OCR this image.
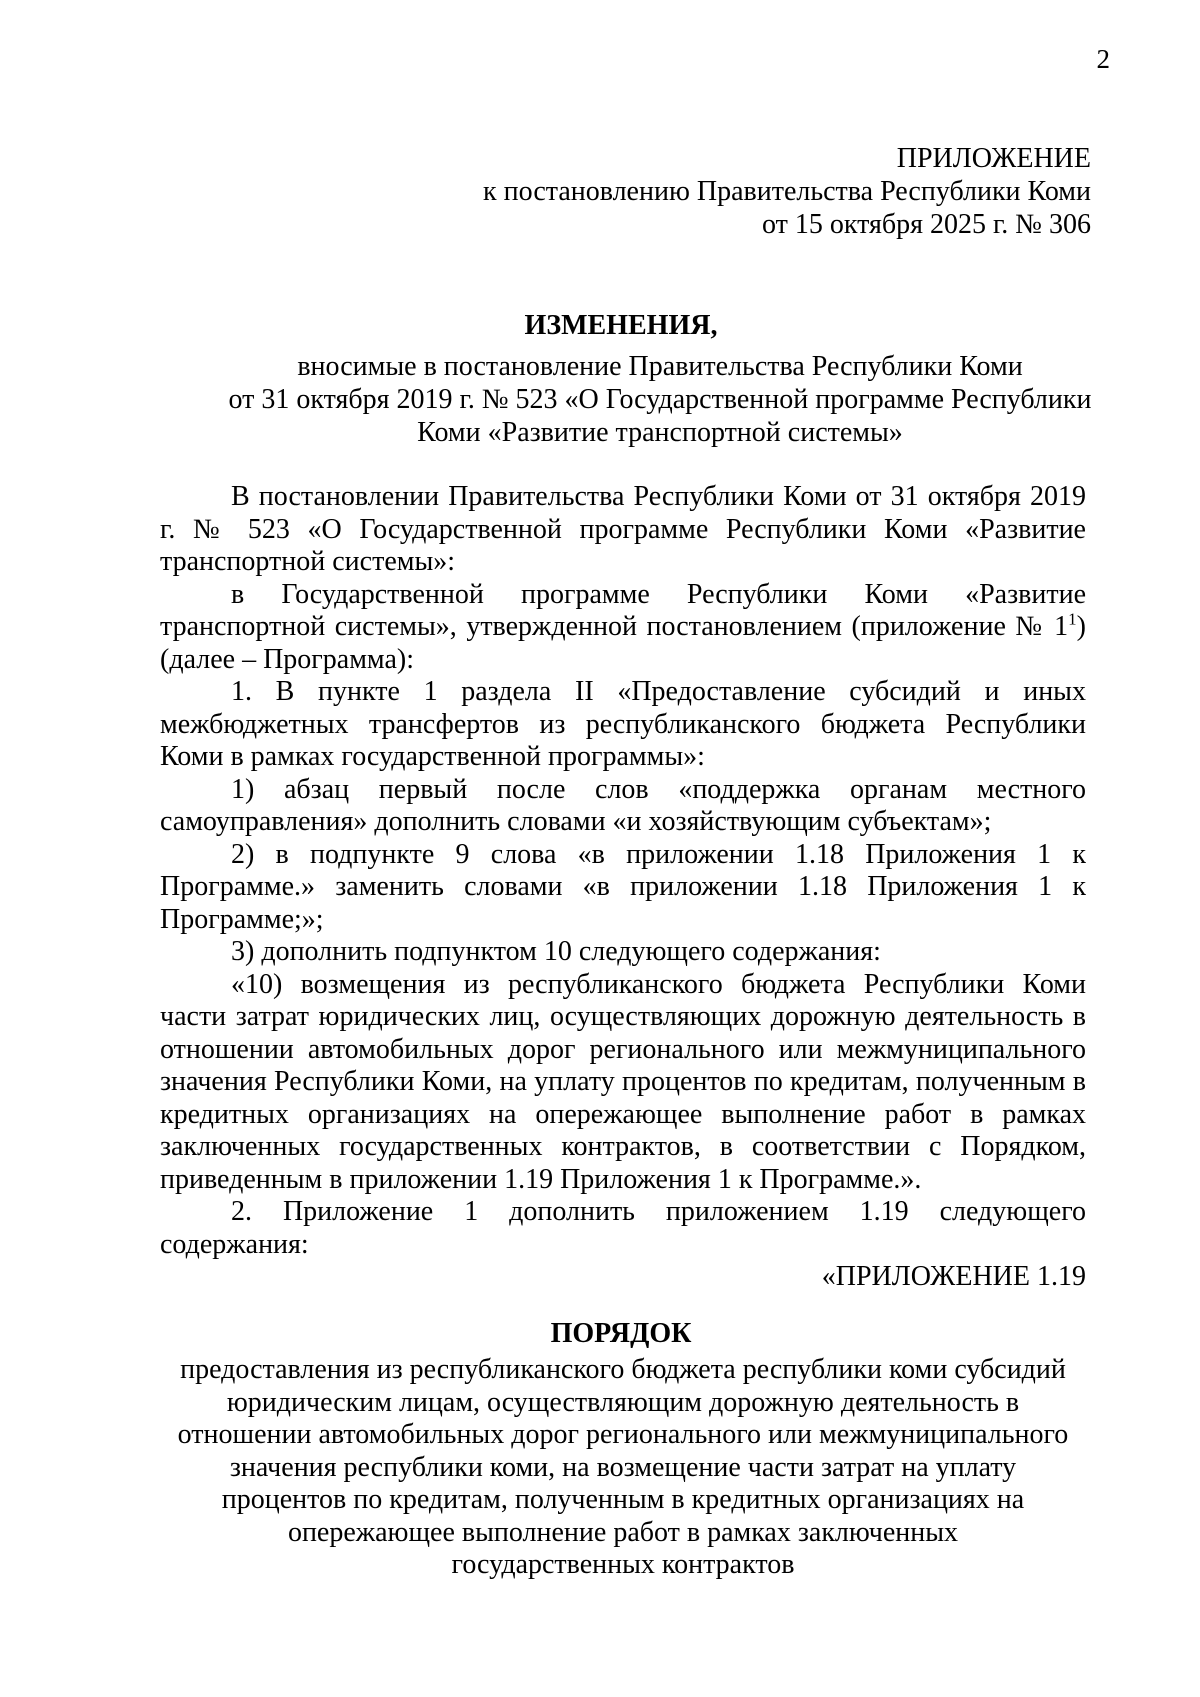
2
ПРИЛОЖЕНИЕ
к постановлению Правительства Республики Коми
от 15 октября 2025 г. № 306
ИЗМЕНЕНИЯ,
вносимые в постановление Правительства Республики Коми
от 31 октября 2019 г. № 523 «О Государственной программе Республики
Коми «Развитие транспортной системы»

В постановлении Правительства Республики Коми от 31 октября 2019 г. № 523 «О Государственной программе Республики Коми «Развитие транспортной системы»:

в Государственной программе Республики Коми «Развитие транспортной системы», утвержденной постановлением (приложение № $1^1$) (далее – Программа):

1. В пункте 1 раздела II «Предоставление субсидий и иных межбюджетных трансфертов из республиканского бюджета Республики Коми в рамках государственной программы»:

1) абзац первый после слов «поддержка органам местного самоуправления» дополнить словами «и хозяйствующим субъектам»;

2) в подпункте 9 слова «в приложении 1.18 Приложения 1 к Программе.» заменить словами «в приложении 1.18 Приложения 1 к Программе;»;

3) дополнить подпунктом 10 следующего содержания:

«10) возмещения из республиканского бюджета Республики Коми части затрат юридических лиц, осуществляющих дорожную деятельность в отношении автомобильных дорог регионального или межмуниципального значения Республики Коми, на уплату процентов по кредитам, полученным в кредитных организациях на опережающее выполнение работ в рамках заключенных государственных контрактов, в соответствии с Порядком, приведенным в приложении 1.19 Приложения 1 к Программе.».

2. Приложение 1 дополнить приложением 1.19 следующего содержания:

«ПРИЛОЖЕНИЕ 1.19

ПОРЯДОК
предоставления из республиканского бюджета республики коми субсидий
юридическим лицам, осуществляющим дорожную деятельность в
отношении автомобильных дорог регионального или межмуниципального
значения республики коми, на возмещение части затрат на уплату
процентов по кредитам, полученным в кредитных организациях на
опережающее выполнение работ в рамках заключенных
государственных контрактов
